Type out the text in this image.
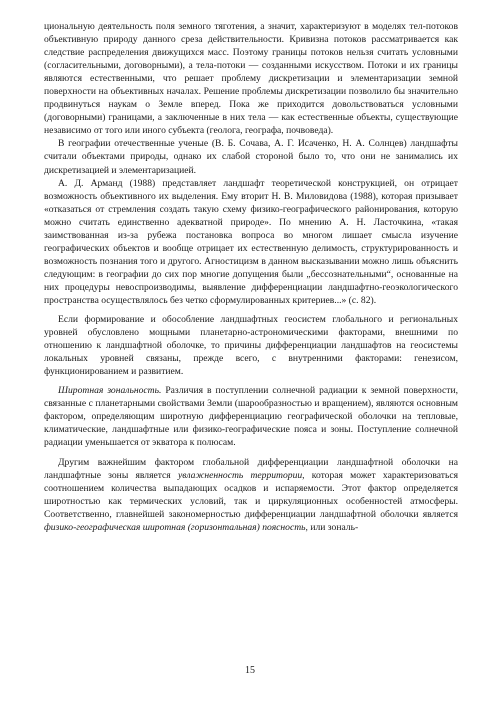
циональную деятельность поля земного тяготения, а значит, характеризуют в моделях тел-потоков объективную природу данного среза действительности. Кривизна потоков рассматривается как следствие распределения движущихся масс. Поэтому границы потоков нельзя считать условными (согласительными, договорными), а тела-потоки — созданными искусством. Потоки и их границы являются естественными, что решает проблему дискретизации и элементаризации земной поверхности на объективных началах. Решение проблемы дискретизации позволило бы значительно продвинуться наукам о Земле вперед. Пока же приходится довольствоваться условными (договорными) границами, а заключенные в них тела — как естественные объекты, существующие независимо от того или иного субъекта (геолога, географа, почвоведа).

В географии отечественные ученые (В. Б. Сочава, А. Г. Исаченко, Н. А. Солнцев) ландшафты считали объектами природы, однако их слабой стороной было то, что они не занимались их дискретизацией и элементаризацией.

А. Д. Арманд (1988) представляет ландшафт теоретической конструкцией, он отрицает возможность объективного их выделения. Ему вторит Н. В. Миловидова (1988), которая призывает «отказаться от стремления создать такую схему физико-географического районирования, которую можно считать единственно адекватной природе». По мнению А. Н. Ласточкина, «такая заимствованная из-за рубежа постановка вопроса во многом лишает смысла изучение географических объектов и вообще отрицает их естественную делимость, структурированность и возможность познания того и другого. Агностицизм в данном высказывании можно лишь объяснить следующим: в географии до сих пор многие допущения были „бессознательными“, основанные на них процедуры невоспроизводимы, выявление дифференциации ландшафтно-геоэкологического пространства осуществлялось без четко сформулированных критериев...» (с. 82).

Если формирование и обособление ландшафтных геосистем глобального и региональных уровней обусловлено мощными планетарно-астрономическими факторами, внешними по отношению к ландшафтной оболочке, то причины дифференциации ландшафтов на геосистемы локальных уровней связаны, прежде всего, с внутренними факторами: генезисом, функционированием и развитием.

Широтная зональность. Различия в поступлении солнечной радиации к земной поверхности, связанные с планетарными свойствами Земли (шарообразностью и вращением), являются основным фактором, определяющим широтную дифференциацию географической оболочки на тепловые, климатические, ландшафтные или физико-географические пояса и зоны. Поступление солнечной радиации уменьшается от экватора к полюсам.

Другим важнейшим фактором глобальной дифференциации ландшафтной оболочки на ландшафтные зоны является увлажненность территории, которая может характеризоваться соотношением количества выпадающих осадков и испаряемости. Этот фактор определяется широтностью как термических условий, так и циркуляционных особенностей атмосферы. Соответственно, главнейшей закономерностью дифференциации ландшафтной оболочки является физико-географическая широтная (горизонтальная) поясность, или зональ-

15
